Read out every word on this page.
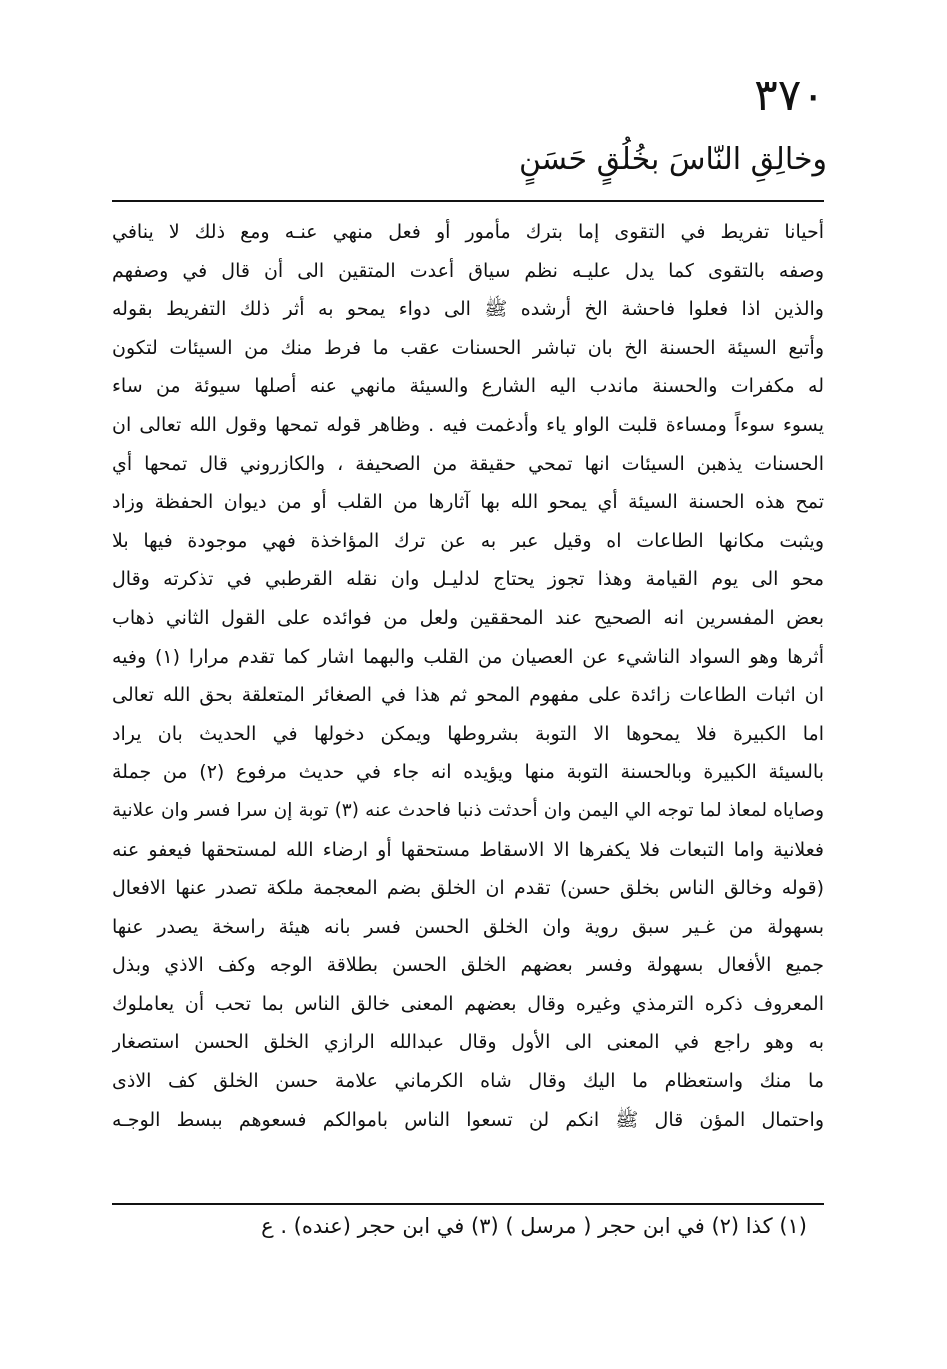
٣٧٠
وخالِقِ النّاسَ بخُلُقٍ حَسَنٍ
أحيانا تفريط في التقوى إما بترك مأمور أو فعل منهي عنـه ومع ذلك لا ينافي
وصفه بالتقوى كما يدل عليـه نظم سياق أعدت المتقين الى أن قال في وصفهم
والذين اذا فعلوا فاحشة الخ أرشده ﷺ الى دواء يمحو به أثر ذلك التفريط بقوله
وأتبع السيئة الحسنة الخ بان تباشر الحسنات عقب ما فرط منك من السيئات لتكون
له مكفرات والحسنة ماندب اليه الشارع والسيئة مانهي عنه أصلها سيوئة من ساء
يسوء سوءاً ومساءة قلبت الواو ياء وأدغمت فيه . وظاهر قوله تمحها وقول الله تعالى ان
الحسنات يذهبن السيئات انها تمحي حقيقة من الصحيفة ، والكازروني قال تمحها أي
تمح هذه الحسنة السيئة أي يمحو الله بها آثارها من القلب أو من ديوان الحفظة وزاد
ويثبت مكانها الطاعات اه وقيل عبر به عن ترك المؤاخذة فهي موجودة فيها بلا
محو الى يوم القيامة وهذا تجوز يحتاج لدليـل وان نقله القرطبي في تذكرته وقال
بعض المفسرين انه الصحيح عند المحققين ولعل من فوائده على القول الثاني ذهاب
أثرها وهو السواد الناشيء عن العصيان من القلب والبهما اشار كما تقدم مرارا (١) وفيه
ان اثبات الطاعات زائدة على مفهوم المحو ثم هذا في الصغائر المتعلقة بحق الله تعالى
اما الكبيرة فلا يمحوها الا التوبة بشروطها ويمكن دخولها في الحديث بان يراد
بالسيئة الكبيرة وبالحسنة التوبة منها ويؤيده انه جاء في حديث مرفوع (٢) من جملة
وصاياه لمعاذ لما توجه الي اليمن وان أحدثت ذنبا فاحدث عنه (٣) توبة إن سرا فسر وان علانية
فعلانية واما التبعات فلا يكفرها الا الاسقاط مستحقها أو ارضاء الله لمستحقها فيعفو عنه
(قوله وخالق الناس بخلق حسن) تقدم ان الخلق بضم المعجمة ملكة تصدر عنها الافعال
بسهولة من غـير سبق روية وان الخلق الحسن فسر بانه هيئة راسخة يصدر عنها
جميع الأفعال بسهولة وفسر بعضهم الخلق الحسن بطلاقة الوجه وكف الاذي وبذل
المعروف ذكره الترمذي وغيره وقال بعضهم المعنى خالق الناس بما تحب أن يعاملوك
به وهو راجع في المعنى الى الأول وقال عبدالله الرازي الخلق الحسن استصغار
ما منك واستعظام ما اليك وقال شاه الكرماني علامة حسن الخلق كف الاذى
واحتمال المؤن قال ﷺ انكم لن تسعوا الناس باموالكم فسعوهم ببسط الوجـه
(١) كذا (٢) في ابن حجر ( مرسل ) (٣) في ابن حجر (عنده) . ع
